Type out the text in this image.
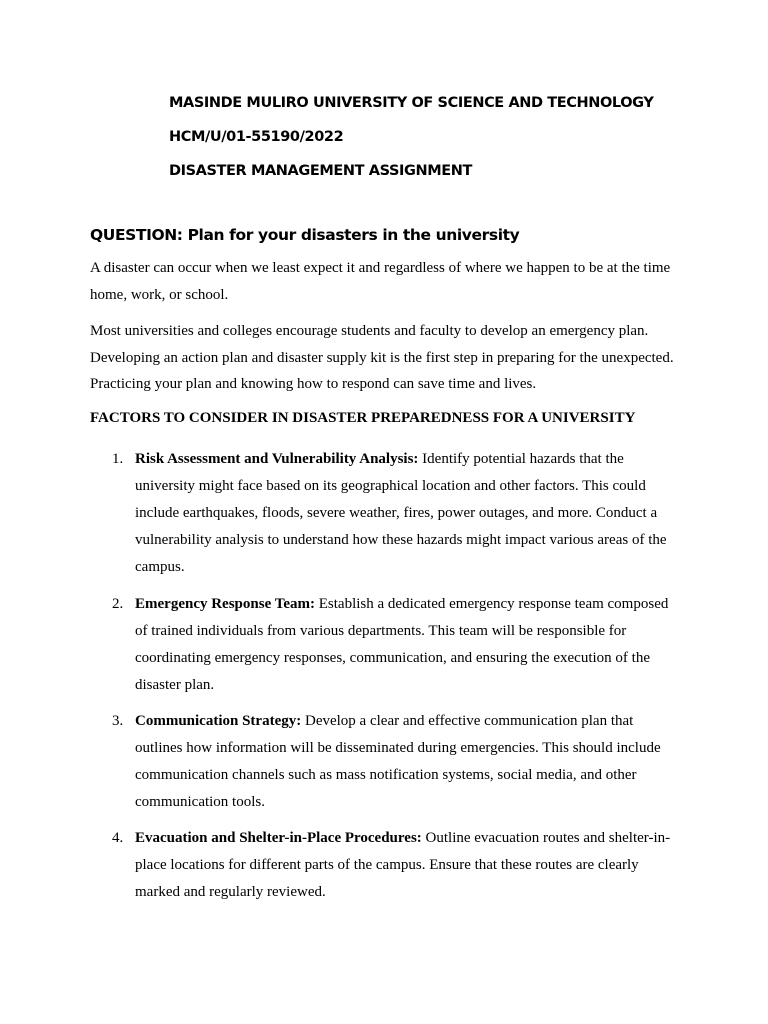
MASINDE MULIRO UNIVERSITY OF SCIENCE AND TECHNOLOGY
HCM/U/01-55190/2022
DISASTER MANAGEMENT ASSIGNMENT
QUESTION: Plan for your disasters in the university

A disaster can occur when we least expect it and regardless of where we happen to be at the time home, work, or school.

Most universities and colleges encourage students and faculty to develop an emergency plan. Developing an action plan and disaster supply kit is the first step in preparing for the unexpected. Practicing your plan and knowing how to respond can save time and lives.

FACTORS TO CONSIDER IN DISASTER PREPAREDNESS FOR A UNIVERSITY
1. Risk Assessment and Vulnerability Analysis: Identify potential hazards that the university might face based on its geographical location and other factors. This could include earthquakes, floods, severe weather, fires, power outages, and more. Conduct a vulnerability analysis to understand how these hazards might impact various areas of the campus.
2. Emergency Response Team: Establish a dedicated emergency response team composed of trained individuals from various departments. This team will be responsible for coordinating emergency responses, communication, and ensuring the execution of the disaster plan.
3. Communication Strategy: Develop a clear and effective communication plan that outlines how information will be disseminated during emergencies. This should include communication channels such as mass notification systems, social media, and other communication tools.
4. Evacuation and Shelter-in-Place Procedures: Outline evacuation routes and shelter-in-place locations for different parts of the campus. Ensure that these routes are clearly marked and regularly reviewed.
